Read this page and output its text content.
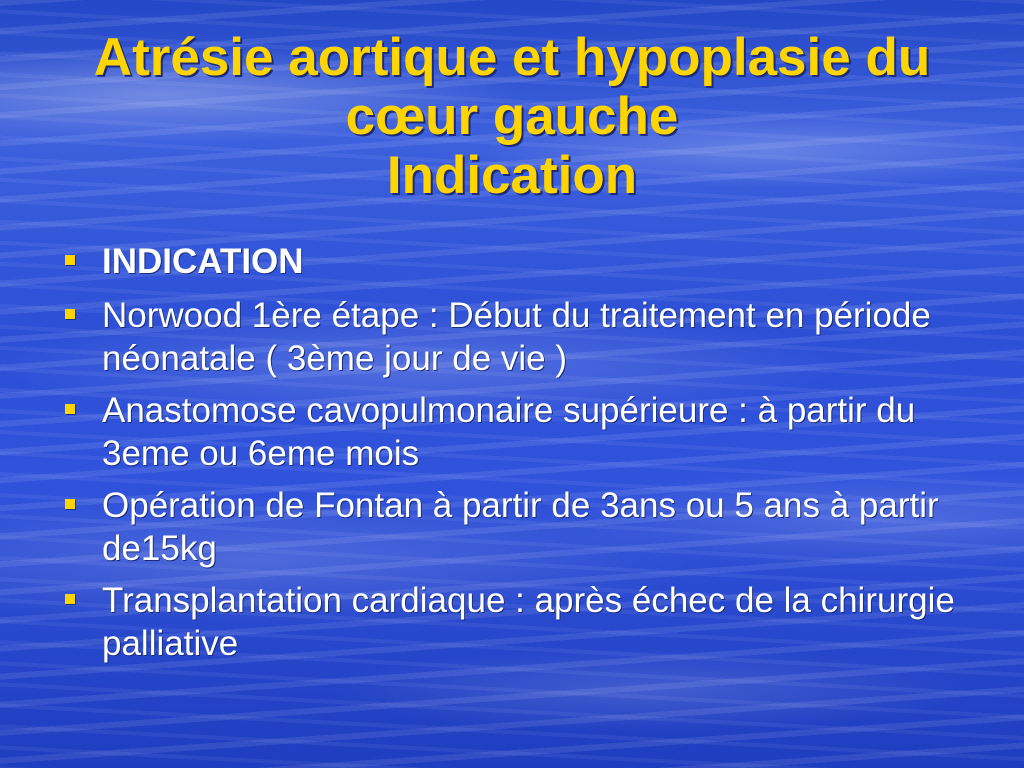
Atrésie aortique et hypoplasie du
cœur gauche
Indication
INDICATION
Norwood 1ère étape : Début du traitement en période néonatale ( 3ème jour de vie )
Anastomose cavopulmonaire supérieure : à partir du 3eme ou 6eme mois
Opération de Fontan à partir de 3ans ou 5 ans à partir de15kg
Transplantation cardiaque : après échec de la chirurgie palliative
